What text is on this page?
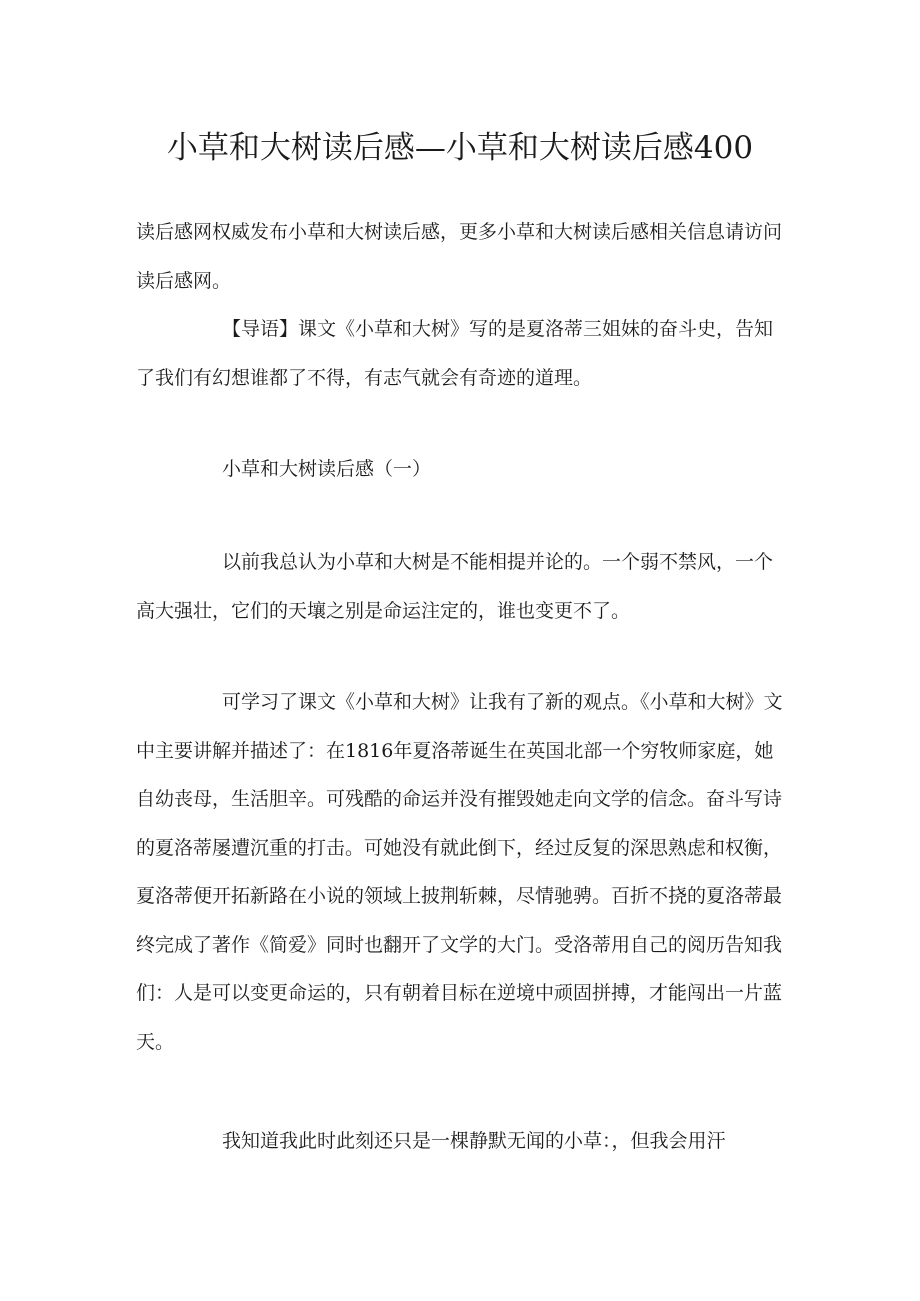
小草和大树读后感—小草和大树读后感400

读后感网权威发布小草和大树读后感，更多小草和大树读后感相关信息请访问读后感网。

【导语】课文《小草和大树》写的是夏洛蒂三姐妹的奋斗史，告知了我们有幻想谁都了不得，有志气就会有奇迹的道理。

小草和大树读后感（一）

以前我总认为小草和大树是不能相提并论的。一个弱不禁风，一个高大强壮，它们的天壤之别是命运注定的，谁也变更不了。

可学习了课文《小草和大树》让我有了新的观点。《小草和大树》文中主要讲解并描述了：在1816年夏洛蒂诞生在英国北部一个穷牧师家庭，她自幼丧母，生活胆辛。可残酷的命运并没有摧毁她走向文学的信念。奋斗写诗的夏洛蒂屡遭沉重的打击。可她没有就此倒下，经过反复的深思熟虑和权衡，夏洛蒂便开拓新路在小说的领域上披荆斩棘，尽情驰骋。百折不挠的夏洛蒂最终完成了著作《简爱》同时也翻开了文学的大门。受洛蒂用自己的阅历告知我们：人是可以变更命运的，只有朝着目标在逆境中顽固拼搏，才能闯出一片蓝天。

我知道我此时此刻还只是一棵静默无闻的小草：，但我会用汗
